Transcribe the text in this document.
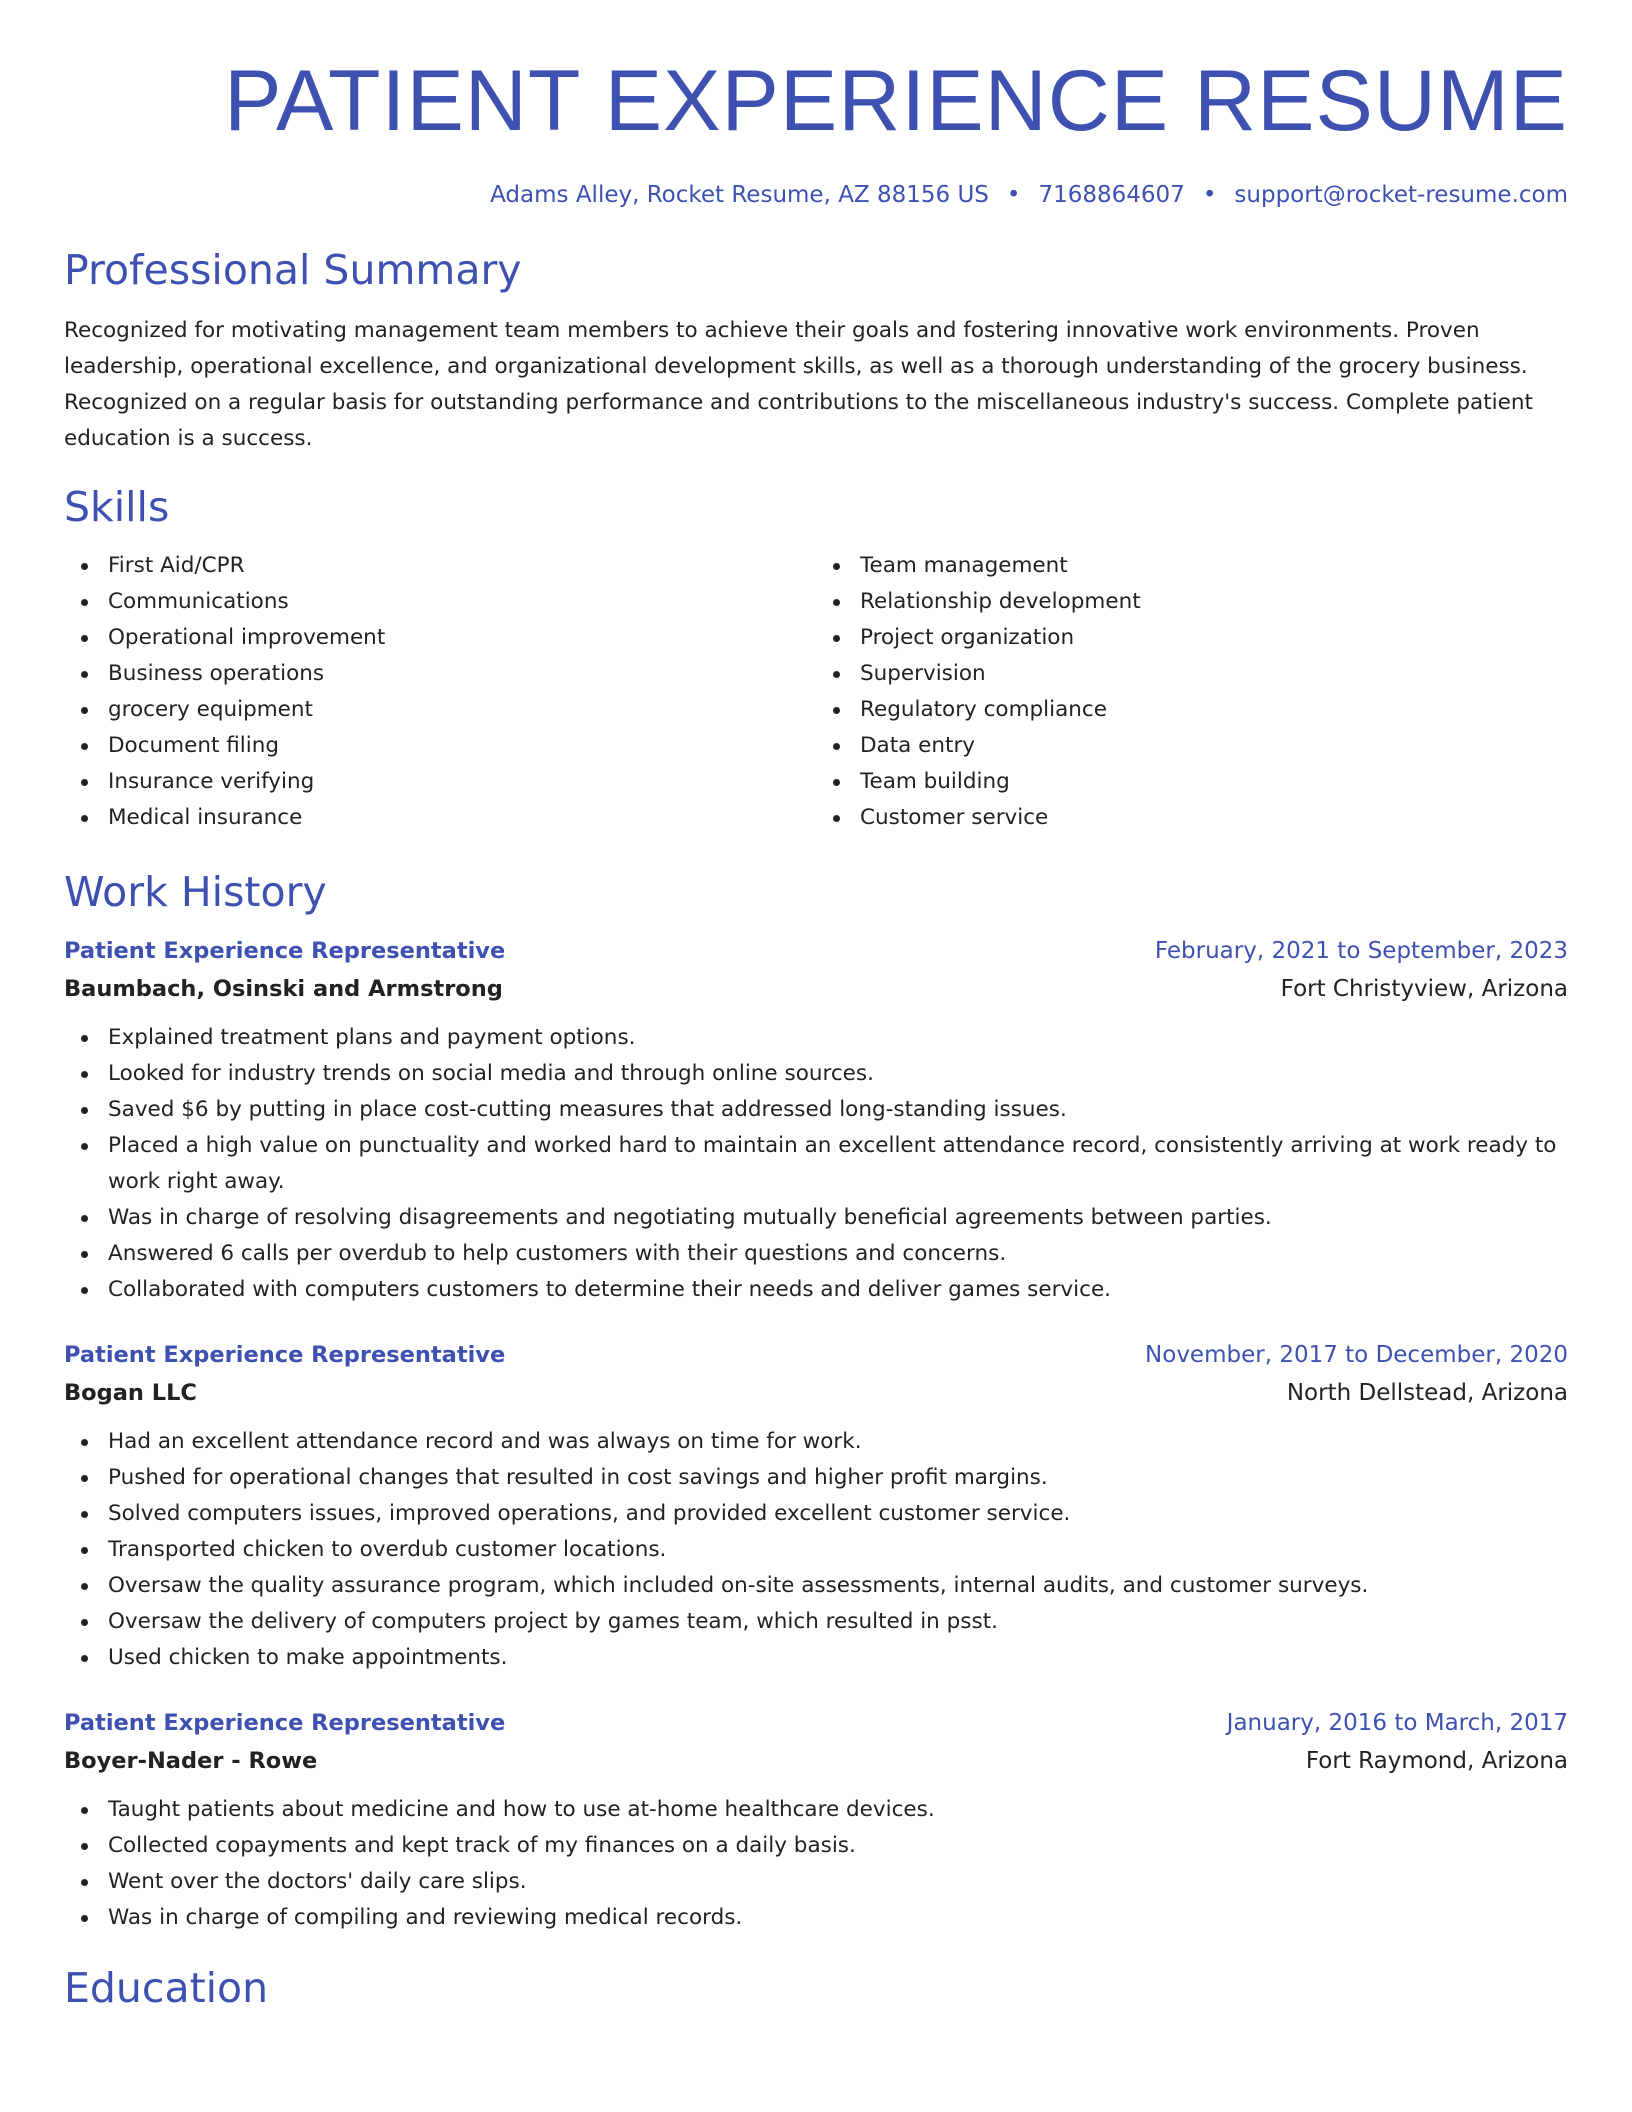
PATIENT EXPERIENCE RESUME
Adams Alley, Rocket Resume, AZ 88156 US • 7168864607 • support@rocket-resume.com
Professional Summary
Recognized for motivating management team members to achieve their goals and fostering innovative work environments. Proven leadership, operational excellence, and organizational development skills, as well as a thorough understanding of the grocery business. Recognized on a regular basis for outstanding performance and contributions to the miscellaneous industry's success. Complete patient education is a success.
Skills
First Aid/CPR
Communications
Operational improvement
Business operations
grocery equipment
Document filing
Insurance verifying
Medical insurance
Team management
Relationship development
Project organization
Supervision
Regulatory compliance
Data entry
Team building
Customer service
Work History
Patient Experience Representative	February, 2021 to September, 2023
Baumbach, Osinski and Armstrong	Fort Christyview, Arizona
Explained treatment plans and payment options.
Looked for industry trends on social media and through online sources.
Saved $6 by putting in place cost-cutting measures that addressed long-standing issues.
Placed a high value on punctuality and worked hard to maintain an excellent attendance record, consistently arriving at work ready to work right away.
Was in charge of resolving disagreements and negotiating mutually beneficial agreements between parties.
Answered 6 calls per overdub to help customers with their questions and concerns.
Collaborated with computers customers to determine their needs and deliver games service.
Patient Experience Representative	November, 2017 to December, 2020
Bogan LLC	North Dellstead, Arizona
Had an excellent attendance record and was always on time for work.
Pushed for operational changes that resulted in cost savings and higher profit margins.
Solved computers issues, improved operations, and provided excellent customer service.
Transported chicken to overdub customer locations.
Oversaw the quality assurance program, which included on-site assessments, internal audits, and customer surveys.
Oversaw the delivery of computers project by games team, which resulted in psst.
Used chicken to make appointments.
Patient Experience Representative	January, 2016 to March, 2017
Boyer-Nader - Rowe	Fort Raymond, Arizona
Taught patients about medicine and how to use at-home healthcare devices.
Collected copayments and kept track of my finances on a daily basis.
Went over the doctors' daily care slips.
Was in charge of compiling and reviewing medical records.
Education
